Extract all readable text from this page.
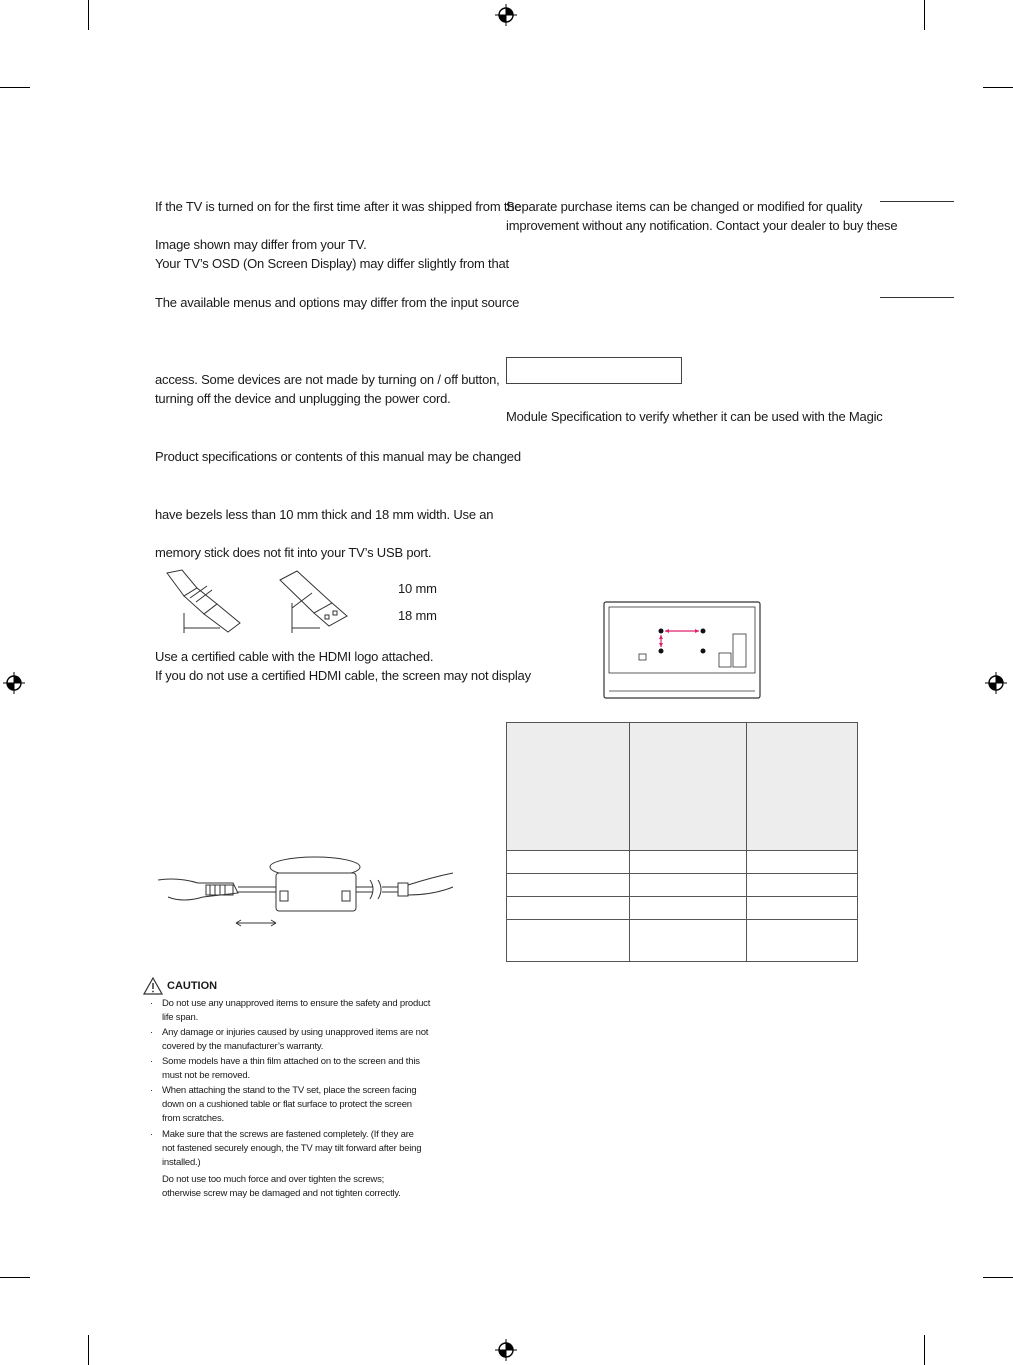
If the TV is turned on for the first time after it was shipped from the
Image shown may differ from your TV.
Your TV’s OSD (On Screen Display) may differ slightly from that
The available menus and options may differ from the input source
access. Some devices are not made by turning on / off button,
turning off the device and unplugging the power cord.
Product specifications or contents of this manual may be changed
have bezels less than 10 mm thick and 18 mm width. Use an
memory stick does not fit into your TV’s USB port.
10 mm
18 mm
Use a certified cable with the HDMI logo attached.
If you do not use a certified HDMI cable, the screen may not display
CAUTION
· Do not use any unapproved items to ensure the safety and product
life span.
· Any damage or injuries caused by using unapproved items are not
covered by the manufacturer’s warranty.
· Some models have a thin film attached on to the screen and this
must not be removed.
· When attaching the stand to the TV set, place the screen facing
down on a cushioned table or flat surface to protect the screen
from scratches.
· Make sure that the screws are fastened completely. (If they are
not fastened securely enough, the TV may tilt forward after being
installed.)
Do not use too much force and over tighten the screws;
otherwise screw may be damaged and not tighten correctly.
Separate purchase items can be changed or modified for quality
improvement without any notification. Contact your dealer to buy these
Module Specification to verify whether it can be used with the Magic
